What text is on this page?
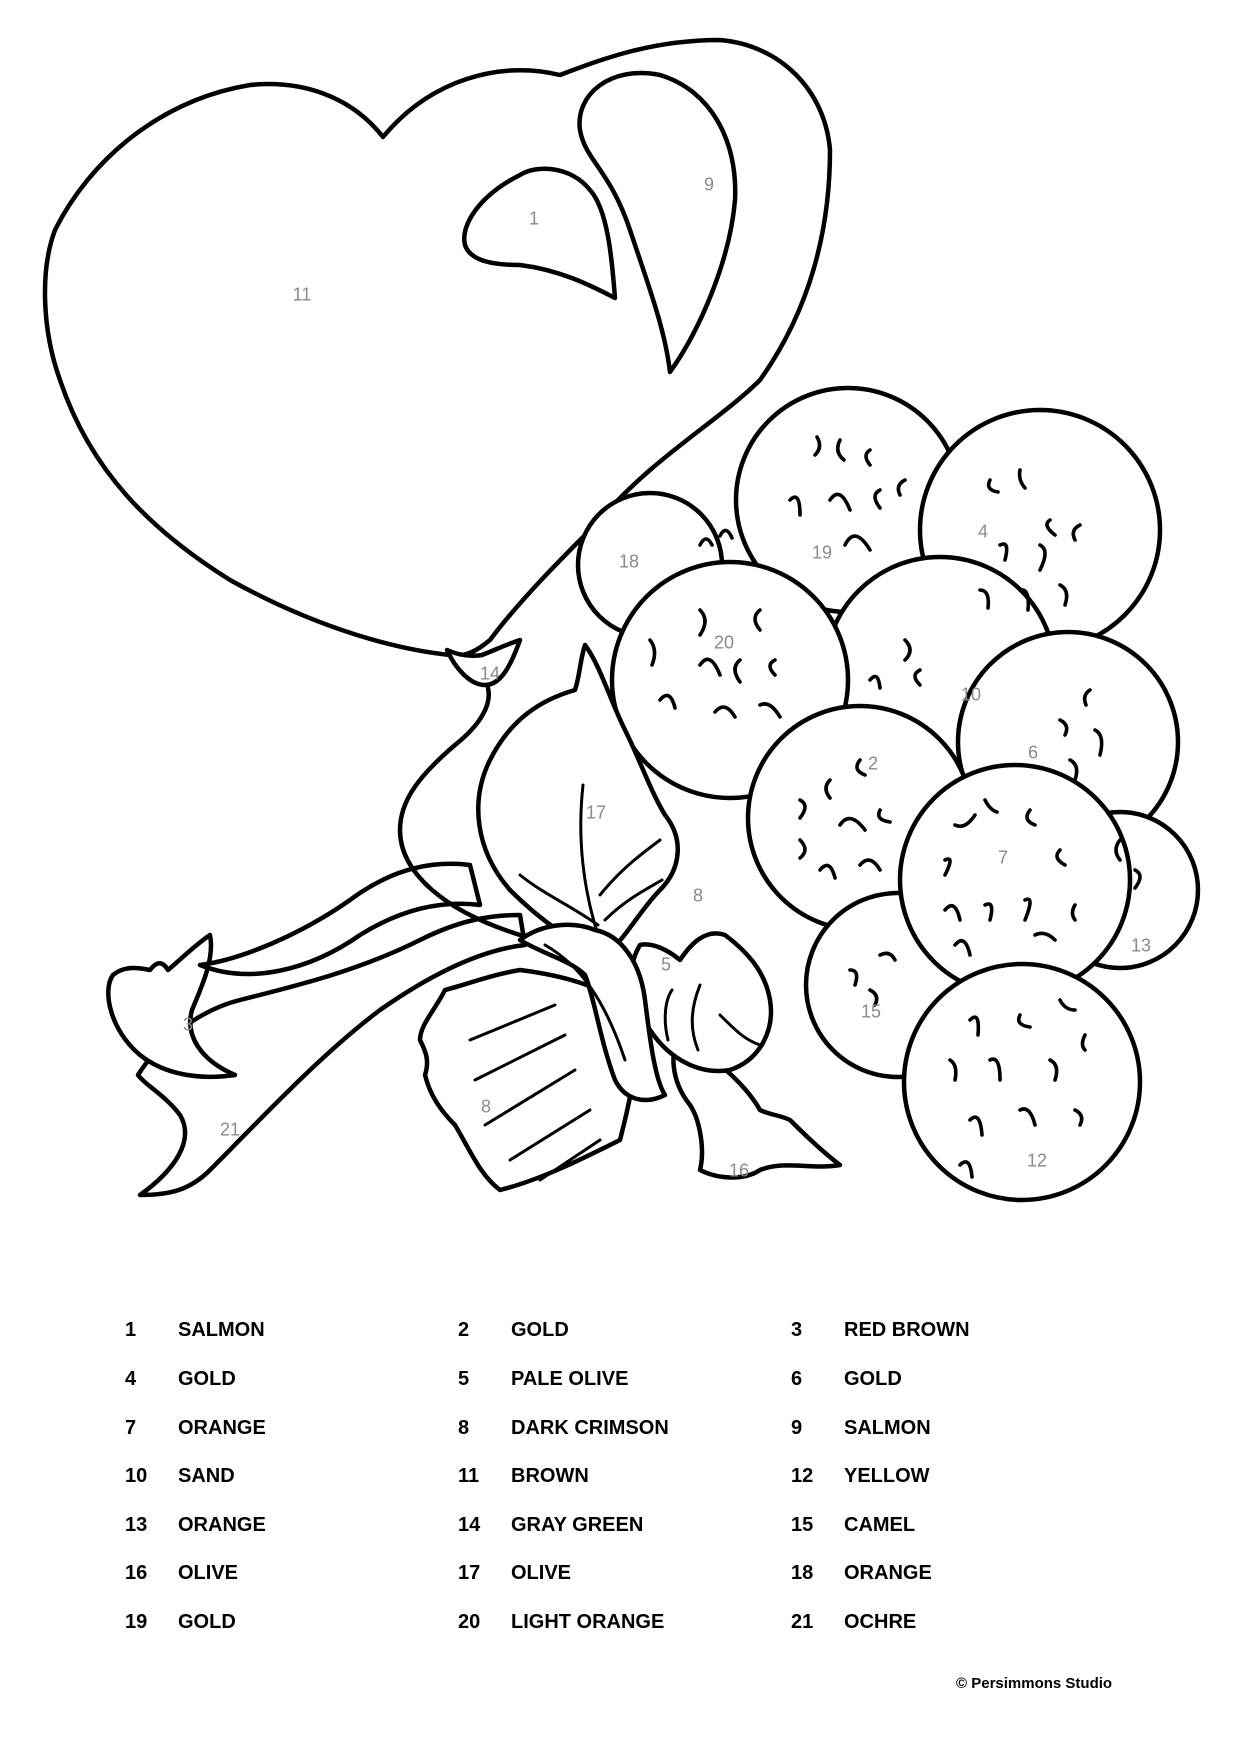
1
9
11
4
18	19
20
10
14
6
2
17
7
8
13
5
15
3
8
21
12
16
1 SALMON	2 GOLD	3 RED BROWN
4 GOLD	5 PALE OLIVE	6 GOLD
7 ORANGE	8 DARK CRIMSON	9 SALMON
10 SAND	11 BROWN	12 YELLOW
13 ORANGE	14 GRAY GREEN	15 CAMEL
16 OLIVE	17 OLIVE	18 ORANGE
19 GOLD	20 LIGHT ORANGE	21 OCHRE
© Persimmons Studio
